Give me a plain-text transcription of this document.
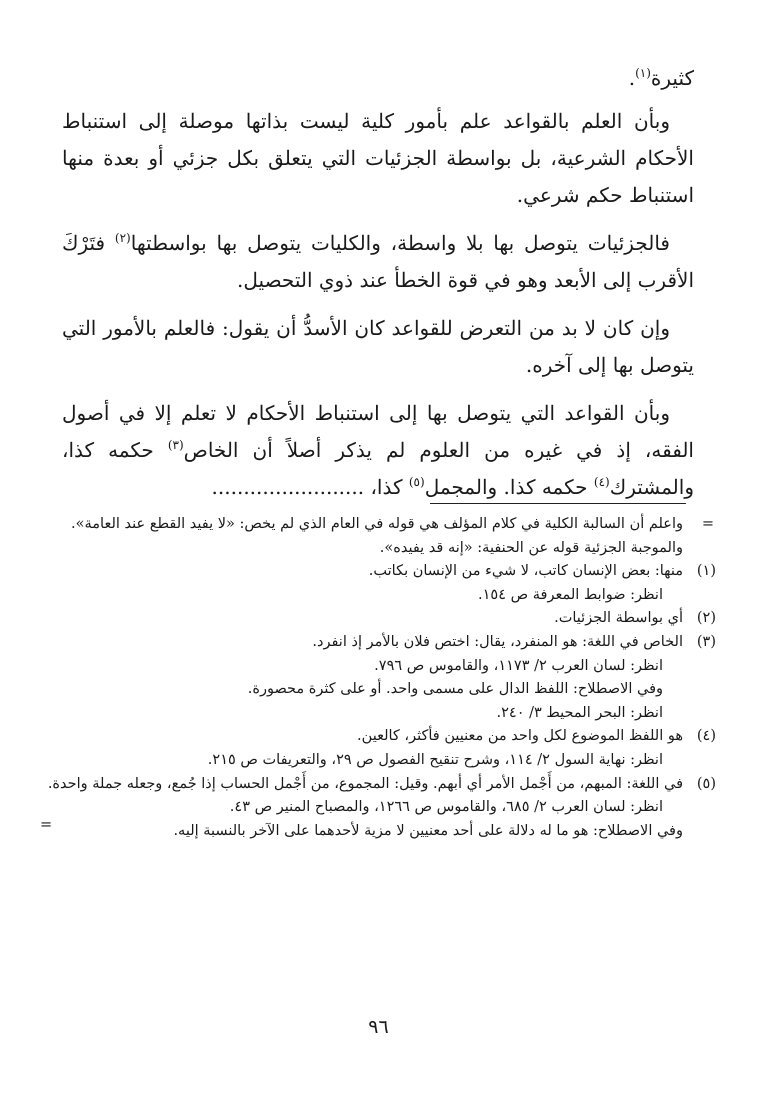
كثيرة$^{(١)}$.

وبأن العلم بالقواعد علم بأمور كلية ليست بذاتها موصلة إلى استنباط الأحكام الشرعية، بل بواسطة الجزئيات التي يتعلق بكل جزئي أو بعدة منها استنباط حكم شرعي.

فالجزئيات يتوصل بها بلا واسطة، والكليات يتوصل بها بواسطتها$^{(٢)}$ فتَرْكَ الأقرب إلى الأبعد وهو في قوة الخطأ عند ذوي التحصيل.

وإن كان لا بد من التعرض للقواعد كان الأسدُّ أن يقول: فالعلم بالأمور التي يتوصل بها إلى آخره.

وبأن القواعد التي يتوصل بها إلى استنباط الأحكام لا تعلم إلا في أصول الفقه، إذ في غيره من العلوم لم يذكر أصلاً أن الخاص$^{(٣)}$ حكمه كذا، والمشترك$^{(٤)}$ حكمه كذا. والمجمل$^{(٥)}$ كذا، ........................

=
واعلم أن السالبة الكلية في كلام المؤلف هي قوله في العام الذي لم يخص: «لا يفيد القطع عند العامة».

والموجبة الجزئية قوله عن الحنفية: «إنه قد يفيده».

(١)
منها: بعض الإنسان كاتب، لا شيء من الإنسان بكاتب.

انظر: ضوابط المعرفة ص ١٥٤.

(٢)
أي بواسطة الجزئيات.

(٣)
الخاص في اللغة: هو المنفرد، يقال: اختص فلان بالأمر إذ انفرد.

انظر: لسان العرب ٢/ ١١٧٣، والقاموس ص ٧٩٦.

وفي الاصطلاح: اللفظ الدال على مسمى واحد. أو على كثرة محصورة.

انظر: البحر المحيط ٣/ ٢٤٠.

(٤)
هو اللفظ الموضوع لكل واحد من معنيين فأكثر، كالعين.

انظر: نهاية السول ٢/ ١١٤، وشرح تنقيح الفصول ص ٢٩، والتعريفات ص ٢١٥.

(٥)
في اللغة: المبهم، من أَجْمل الأمر أي أبهم. وقيل: المجموع، من أَجْمل الحساب إذا جُمع، وجعله جملة واحدة.

انظر: لسان العرب ٢/ ٦٨٥، والقاموس ص ١٢٦٦، والمصباح المنير ص ٤٣.

وفي الاصطلاح: هو ما له دلالة على أحد معنيين لا مزية لأحدهما على الآخر بالنسبة إليه.
=

٩٦
